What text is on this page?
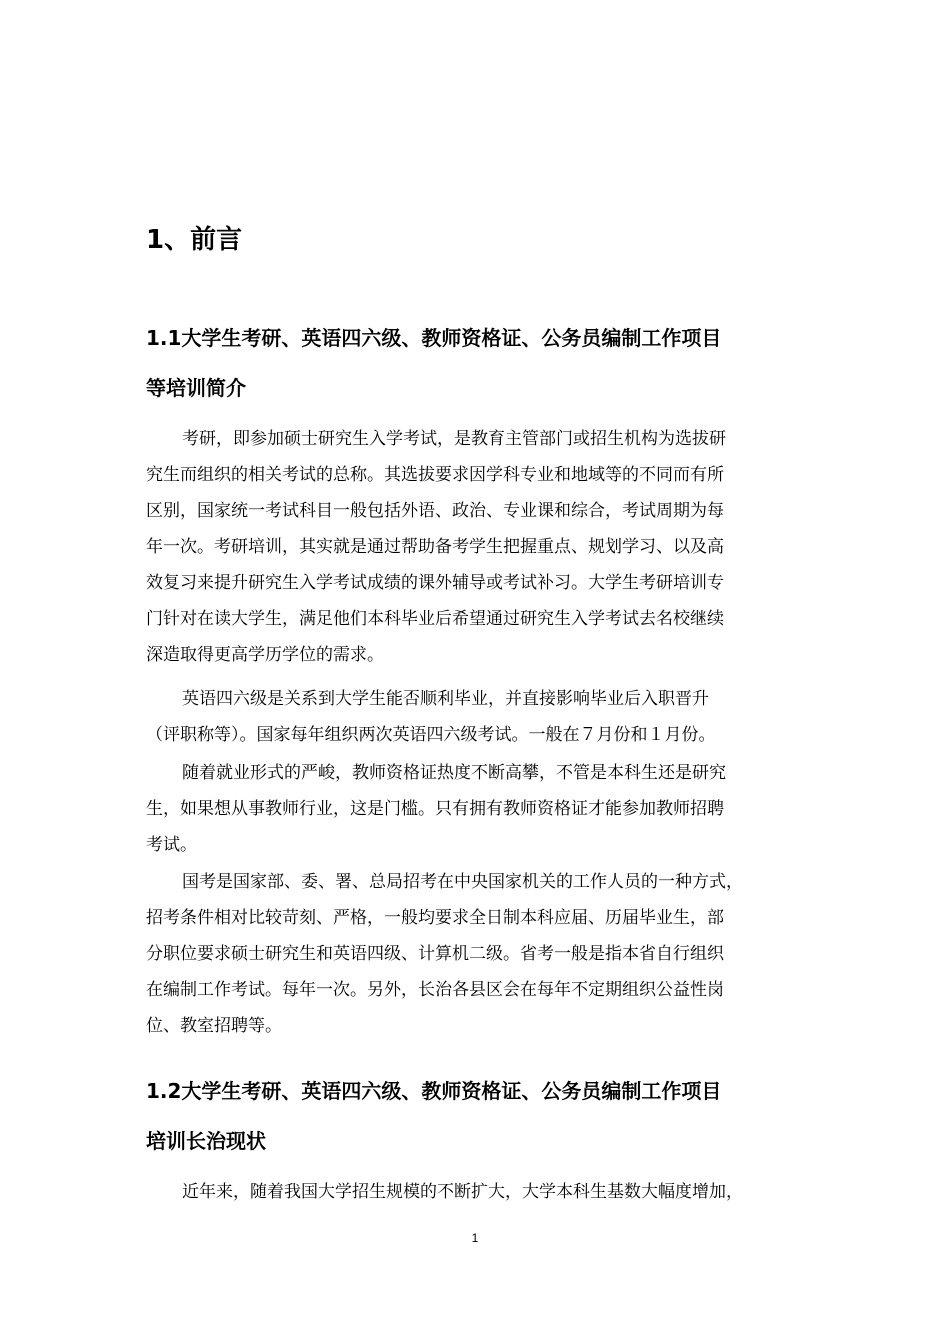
1、前言
1.1大学生考研、英语四六级、教师资格证、公务员编制工作项目
等培训简介
考研，即参加硕士研究生入学考试，是教育主管部门或招生机构为选拔研
究生而组织的相关考试的总称。其选拔要求因学科专业和地域等的不同而有所
区别，国家统一考试科目一般包括外语、政治、专业课和综合，考试周期为每
年一次。考研培训，其实就是通过帮助备考学生把握重点、规划学习、以及高
效复习来提升研究生入学考试成绩的课外辅导或考试补习。大学生考研培训专
门针对在读大学生，满足他们本科毕业后希望通过研究生入学考试去名校继续
深造取得更高学历学位的需求。
英语四六级是关系到大学生能否顺利毕业，并直接影响毕业后入职晋升
（评职称等）。国家每年组织两次英语四六级考试。一般在７月份和１月份。
随着就业形式的严峻，教师资格证热度不断高攀，不管是本科生还是研究
生，如果想从事教师行业，这是门槛。只有拥有教师资格证才能参加教师招聘
考试。
国考是国家部、委、署、总局招考在中央国家机关的工作人员的一种方式，
招考条件相对比较苛刻、严格，一般均要求全日制本科应届、历届毕业生，部
分职位要求硕士研究生和英语四级、计算机二级。省考一般是指本省自行组织
在编制工作考试。每年一次。另外，长治各县区会在每年不定期组织公益性岗
位、教室招聘等。
1.2大学生考研、英语四六级、教师资格证、公务员编制工作项目
培训长治现状
近年来，随着我国大学招生规模的不断扩大，大学本科生基数大幅度增加，
1
